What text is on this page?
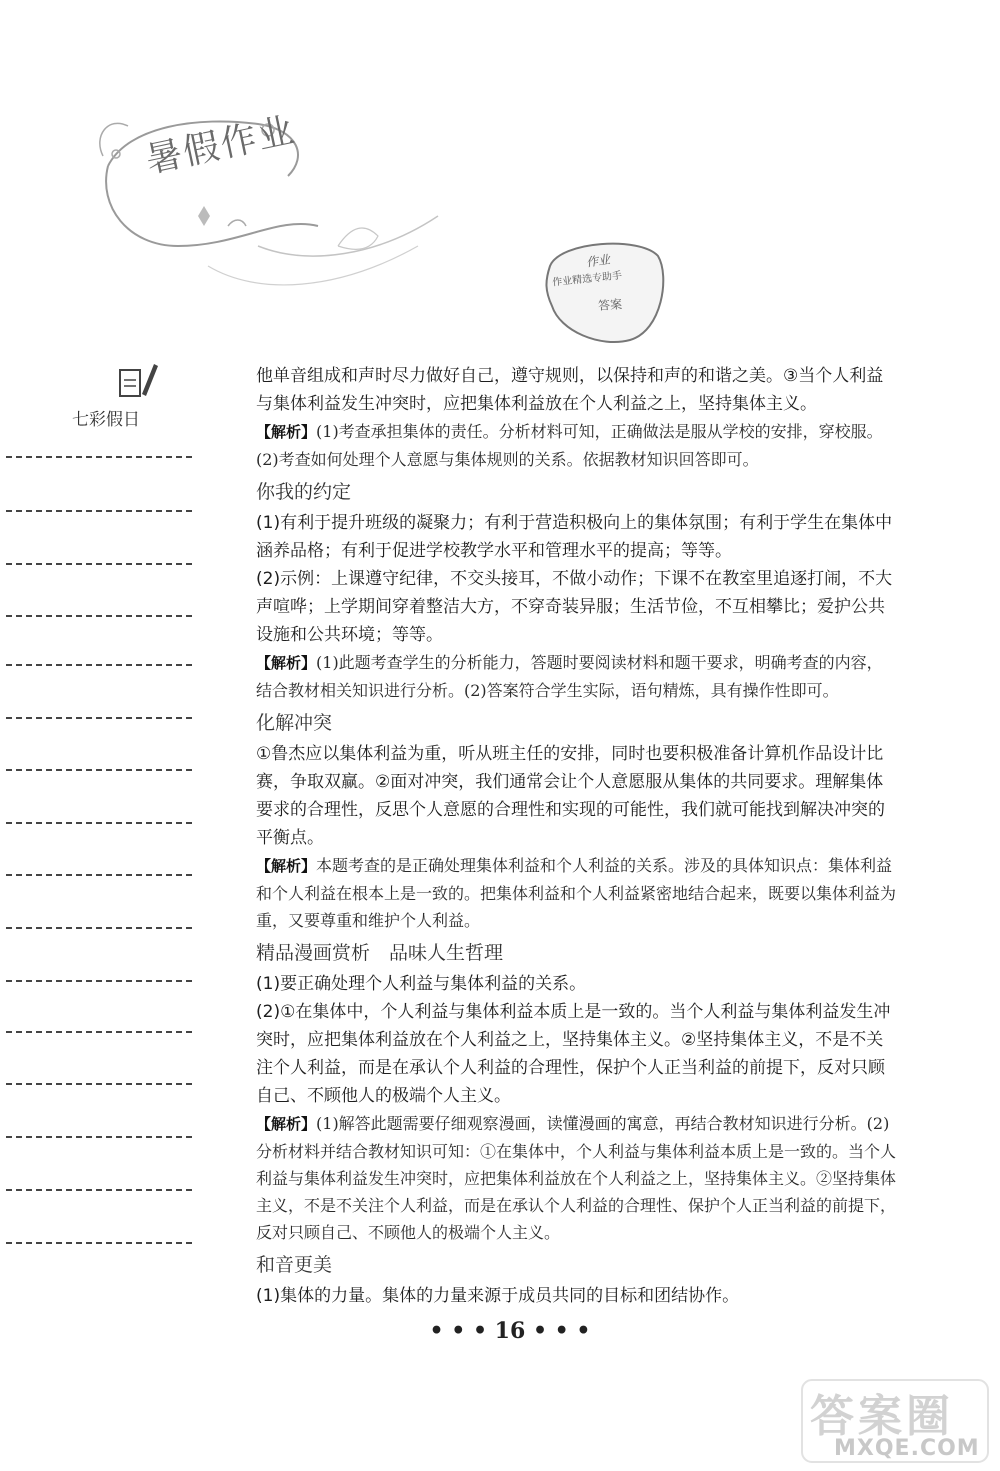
暑假作业
作业
作业精选专助手
答案
七彩假日

他单音组成和声时尽力做好自己，遵守规则，以保持和声的和谐之美。③当个人利益与集体利益发生冲突时，应把集体利益放在个人利益之上，坚持集体主义。

【解析】(1)考查承担集体的责任。分析材料可知，正确做法是服从学校的安排，穿校服。(2)考查如何处理个人意愿与集体规则的关系。依据教材知识回答即可。

你我的约定

(1)有利于提升班级的凝聚力；有利于营造积极向上的集体氛围；有利于学生在集体中涵养品格；有利于促进学校教学水平和管理水平的提高；等等。

(2)示例：上课遵守纪律，不交头接耳，不做小动作；下课不在教室里追逐打闹，不大声喧哗；上学期间穿着整洁大方，不穿奇装异服；生活节俭，不互相攀比；爱护公共设施和公共环境；等等。

【解析】(1)此题考查学生的分析能力，答题时要阅读材料和题干要求，明确考查的内容，结合教材相关知识进行分析。(2)答案符合学生实际，语句精炼，具有操作性即可。

化解冲突

①鲁杰应以集体利益为重，听从班主任的安排，同时也要积极准备计算机作品设计比赛，争取双赢。②面对冲突，我们通常会让个人意愿服从集体的共同要求。理解集体要求的合理性，反思个人意愿的合理性和实现的可能性，我们就可能找到解决冲突的平衡点。

【解析】本题考查的是正确处理集体利益和个人利益的关系。涉及的具体知识点：集体利益和个人利益在根本上是一致的。把集体利益和个人利益紧密地结合起来，既要以集体利益为重，又要尊重和维护个人利益。

精品漫画赏析　品味人生哲理

(1)要正确处理个人利益与集体利益的关系。

(2)①在集体中，个人利益与集体利益本质上是一致的。当个人利益与集体利益发生冲突时，应把集体利益放在个人利益之上，坚持集体主义。②坚持集体主义，不是不关注个人利益，而是在承认个人利益的合理性，保护个人正当利益的前提下，反对只顾自己、不顾他人的极端个人主义。

【解析】(1)解答此题需要仔细观察漫画，读懂漫画的寓意，再结合教材知识进行分析。(2)分析材料并结合教材知识可知：①在集体中，个人利益与集体利益本质上是一致的。当个人利益与集体利益发生冲突时，应把集体利益放在个人利益之上，坚持集体主义。②坚持集体主义，不是不关注个人利益，而是在承认个人利益的合理性、保护个人正当利益的前提下，反对只顾自己、不顾他人的极端个人主义。

和音更美

(1)集体的力量。集体的力量来源于成员共同的目标和团结协作。

• • • 16 • • •
答案圈
MXQE.COM
